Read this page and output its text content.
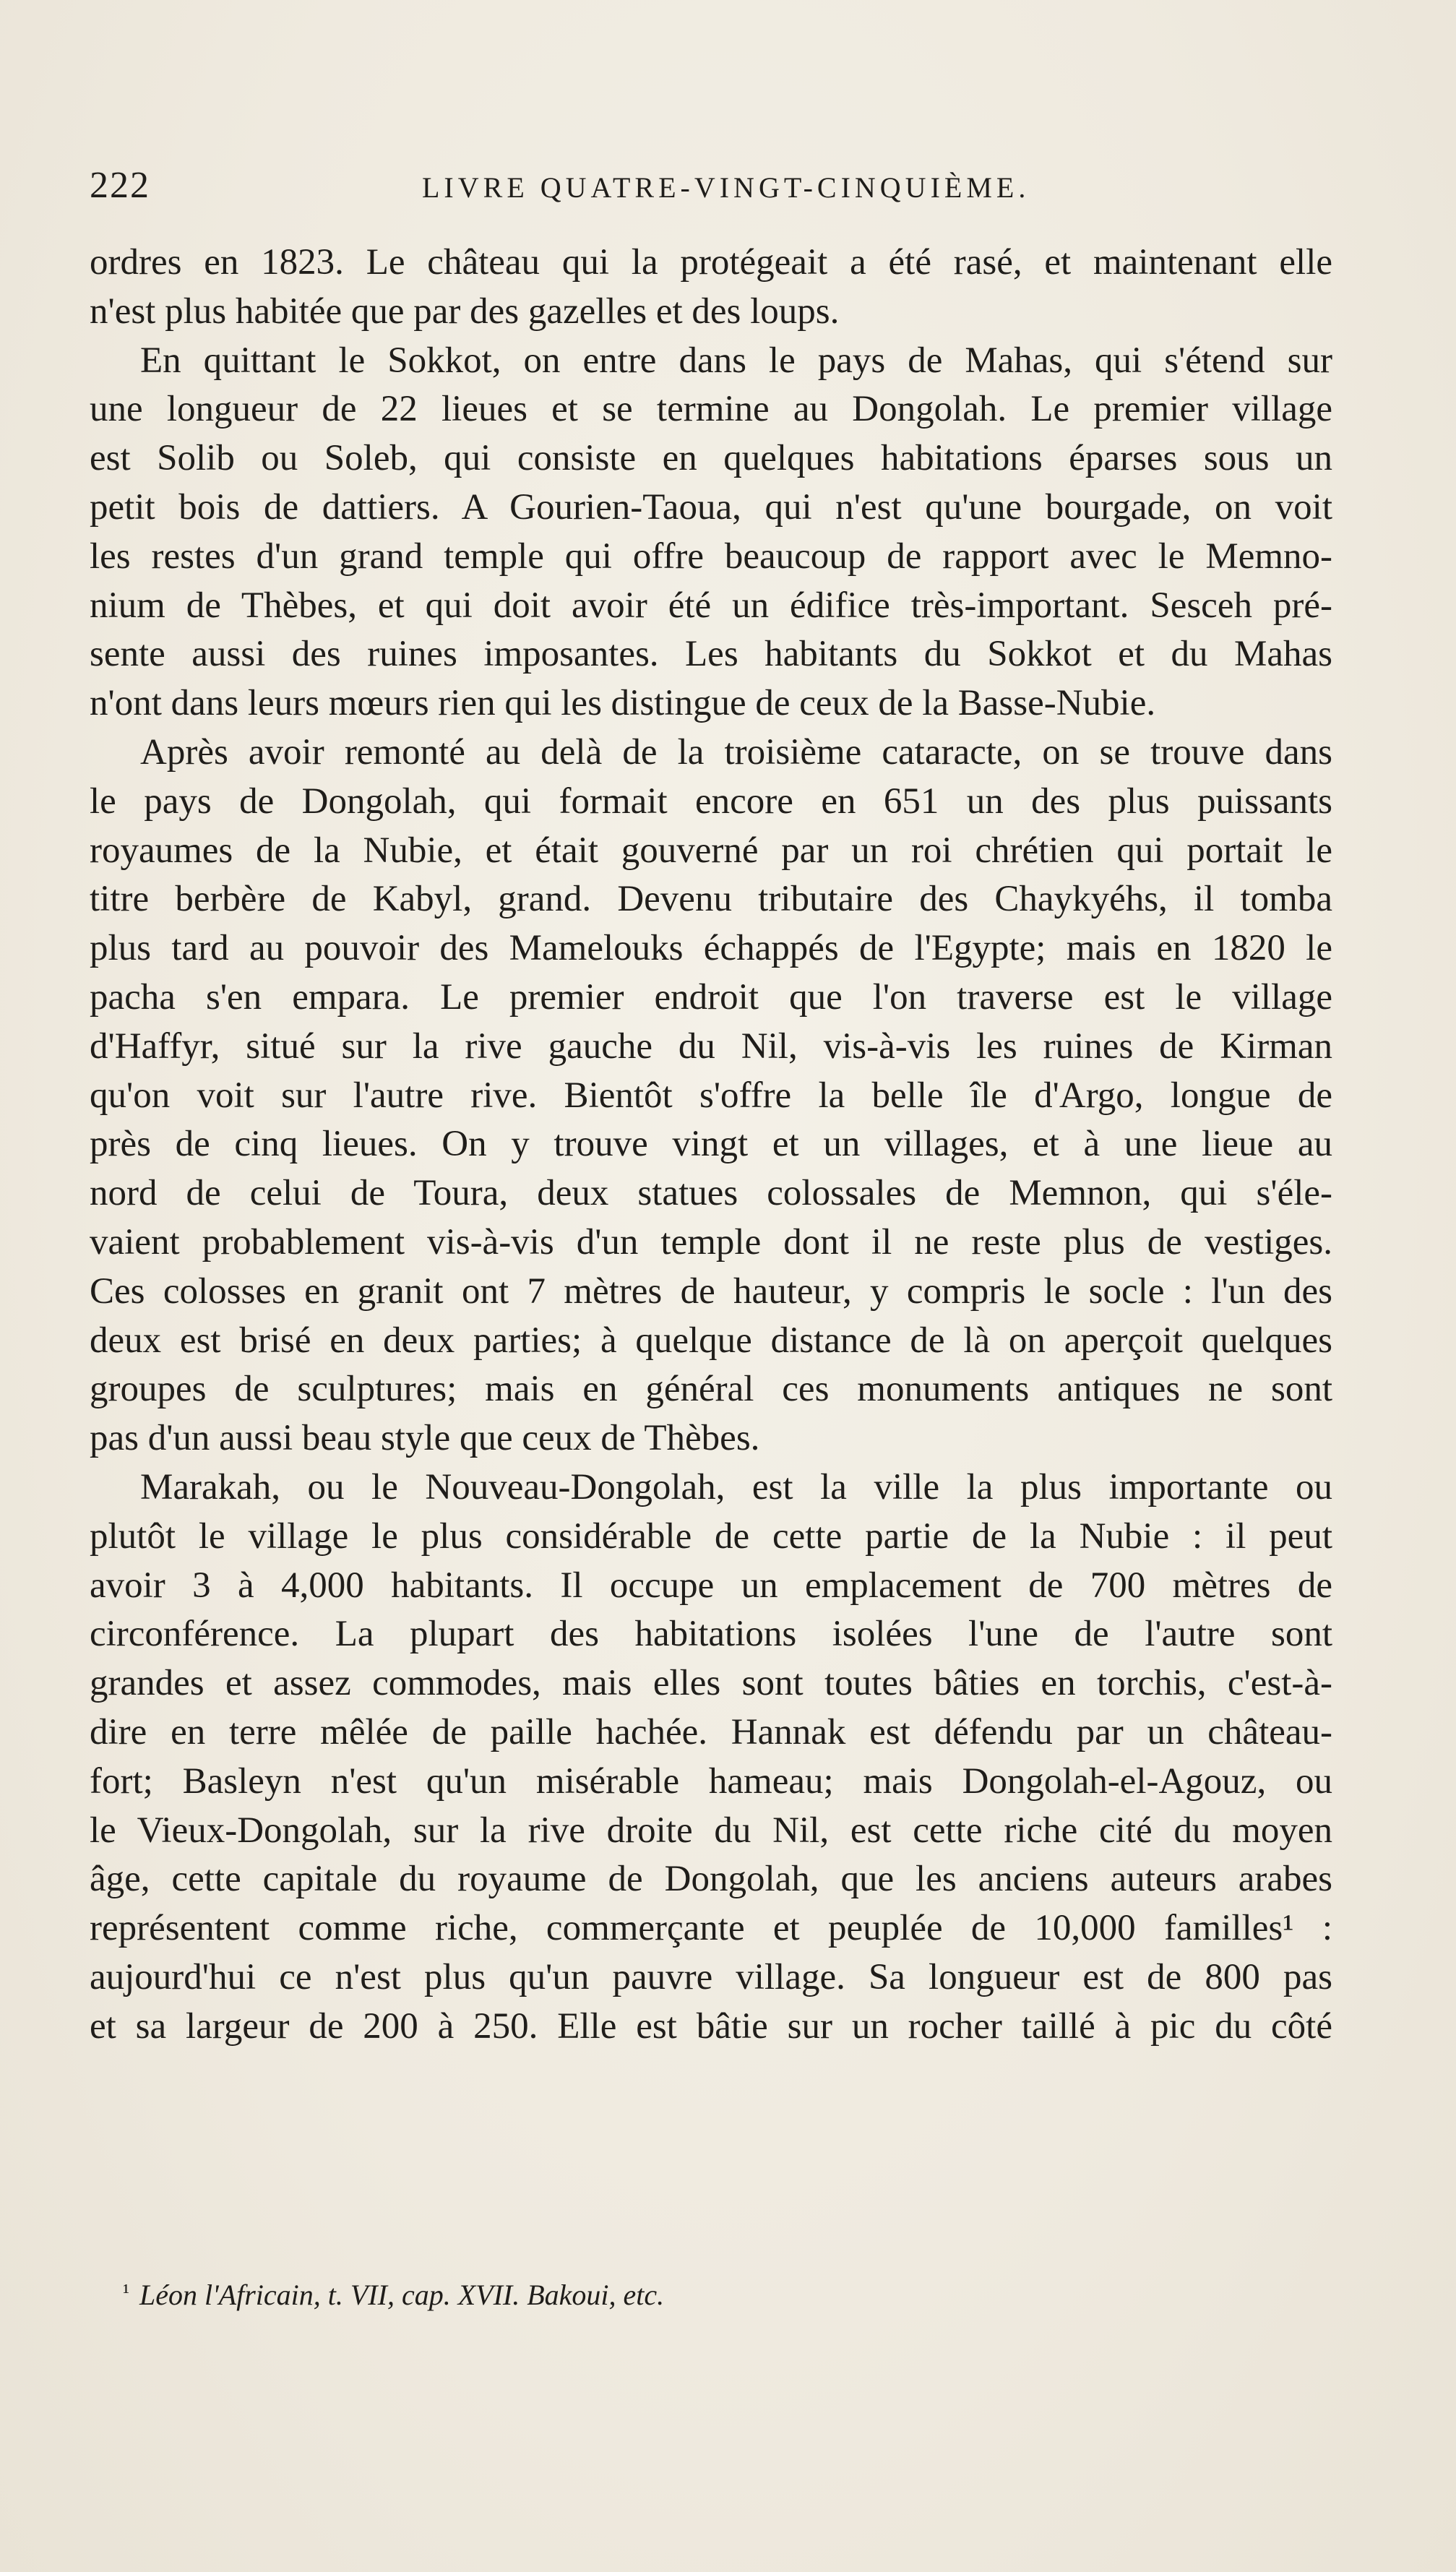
222	LIVRE QUATRE-VINGT-CINQUIÈME.
ordres en 1823. Le château qui la protégeait a été rasé, et maintenant elle
n'est plus habitée que par des gazelles et des loups.
En quittant le Sokkot, on entre dans le pays de Mahas, qui s'étend sur
une longueur de 22 lieues et se termine au Dongolah. Le premier village
est Solib ou Soleb, qui consiste en quelques habitations éparses sous un
petit bois de dattiers. A Gourien-Taoua, qui n'est qu'une bourgade, on voit
les restes d'un grand temple qui offre beaucoup de rapport avec le Memno-
nium de Thèbes, et qui doit avoir été un édifice très-important. Sesceh pré-
sente aussi des ruines imposantes. Les habitants du Sokkot et du Mahas
n'ont dans leurs mœurs rien qui les distingue de ceux de la Basse-Nubie.
Après avoir remonté au delà de la troisième cataracte, on se trouve dans
le pays de Dongolah, qui formait encore en 651 un des plus puissants
royaumes de la Nubie, et était gouverné par un roi chrétien qui portait le
titre berbère de Kabyl, grand. Devenu tributaire des Chaykyéhs, il tomba
plus tard au pouvoir des Mamelouks échappés de l'Egypte; mais en 1820 le
pacha s'en empara. Le premier endroit que l'on traverse est le village
d'Haffyr, situé sur la rive gauche du Nil, vis-à-vis les ruines de Kirman
qu'on voit sur l'autre rive. Bientôt s'offre la belle île d'Argo, longue de
près de cinq lieues. On y trouve vingt et un villages, et à une lieue au
nord de celui de Toura, deux statues colossales de Memnon, qui s'éle-
vaient probablement vis-à-vis d'un temple dont il ne reste plus de vestiges.
Ces colosses en granit ont 7 mètres de hauteur, y compris le socle : l'un des
deux est brisé en deux parties; à quelque distance de là on aperçoit quelques
groupes de sculptures; mais en général ces monuments antiques ne sont
pas d'un aussi beau style que ceux de Thèbes.
Marakah, ou le Nouveau-Dongolah, est la ville la plus importante ou
plutôt le village le plus considérable de cette partie de la Nubie : il peut
avoir 3 à 4,000 habitants. Il occupe un emplacement de 700 mètres de
circonférence. La plupart des habitations isolées l'une de l'autre sont
grandes et assez commodes, mais elles sont toutes bâties en torchis, c'est-à-
dire en terre mêlée de paille hachée. Hannak est défendu par un château-
fort; Basleyn n'est qu'un misérable hameau; mais Dongolah-el-Agouz, ou
le Vieux-Dongolah, sur la rive droite du Nil, est cette riche cité du moyen
âge, cette capitale du royaume de Dongolah, que les anciens auteurs arabes
représentent comme riche, commerçante et peuplée de 10,000 familles¹ :
aujourd'hui ce n'est plus qu'un pauvre village. Sa longueur est de 800 pas
et sa largeur de 200 à 250. Elle est bâtie sur un rocher taillé à pic du côté
$^{^1}$ Léon l'Africain, t. VII, cap. XVII. Bakoui, etc.
